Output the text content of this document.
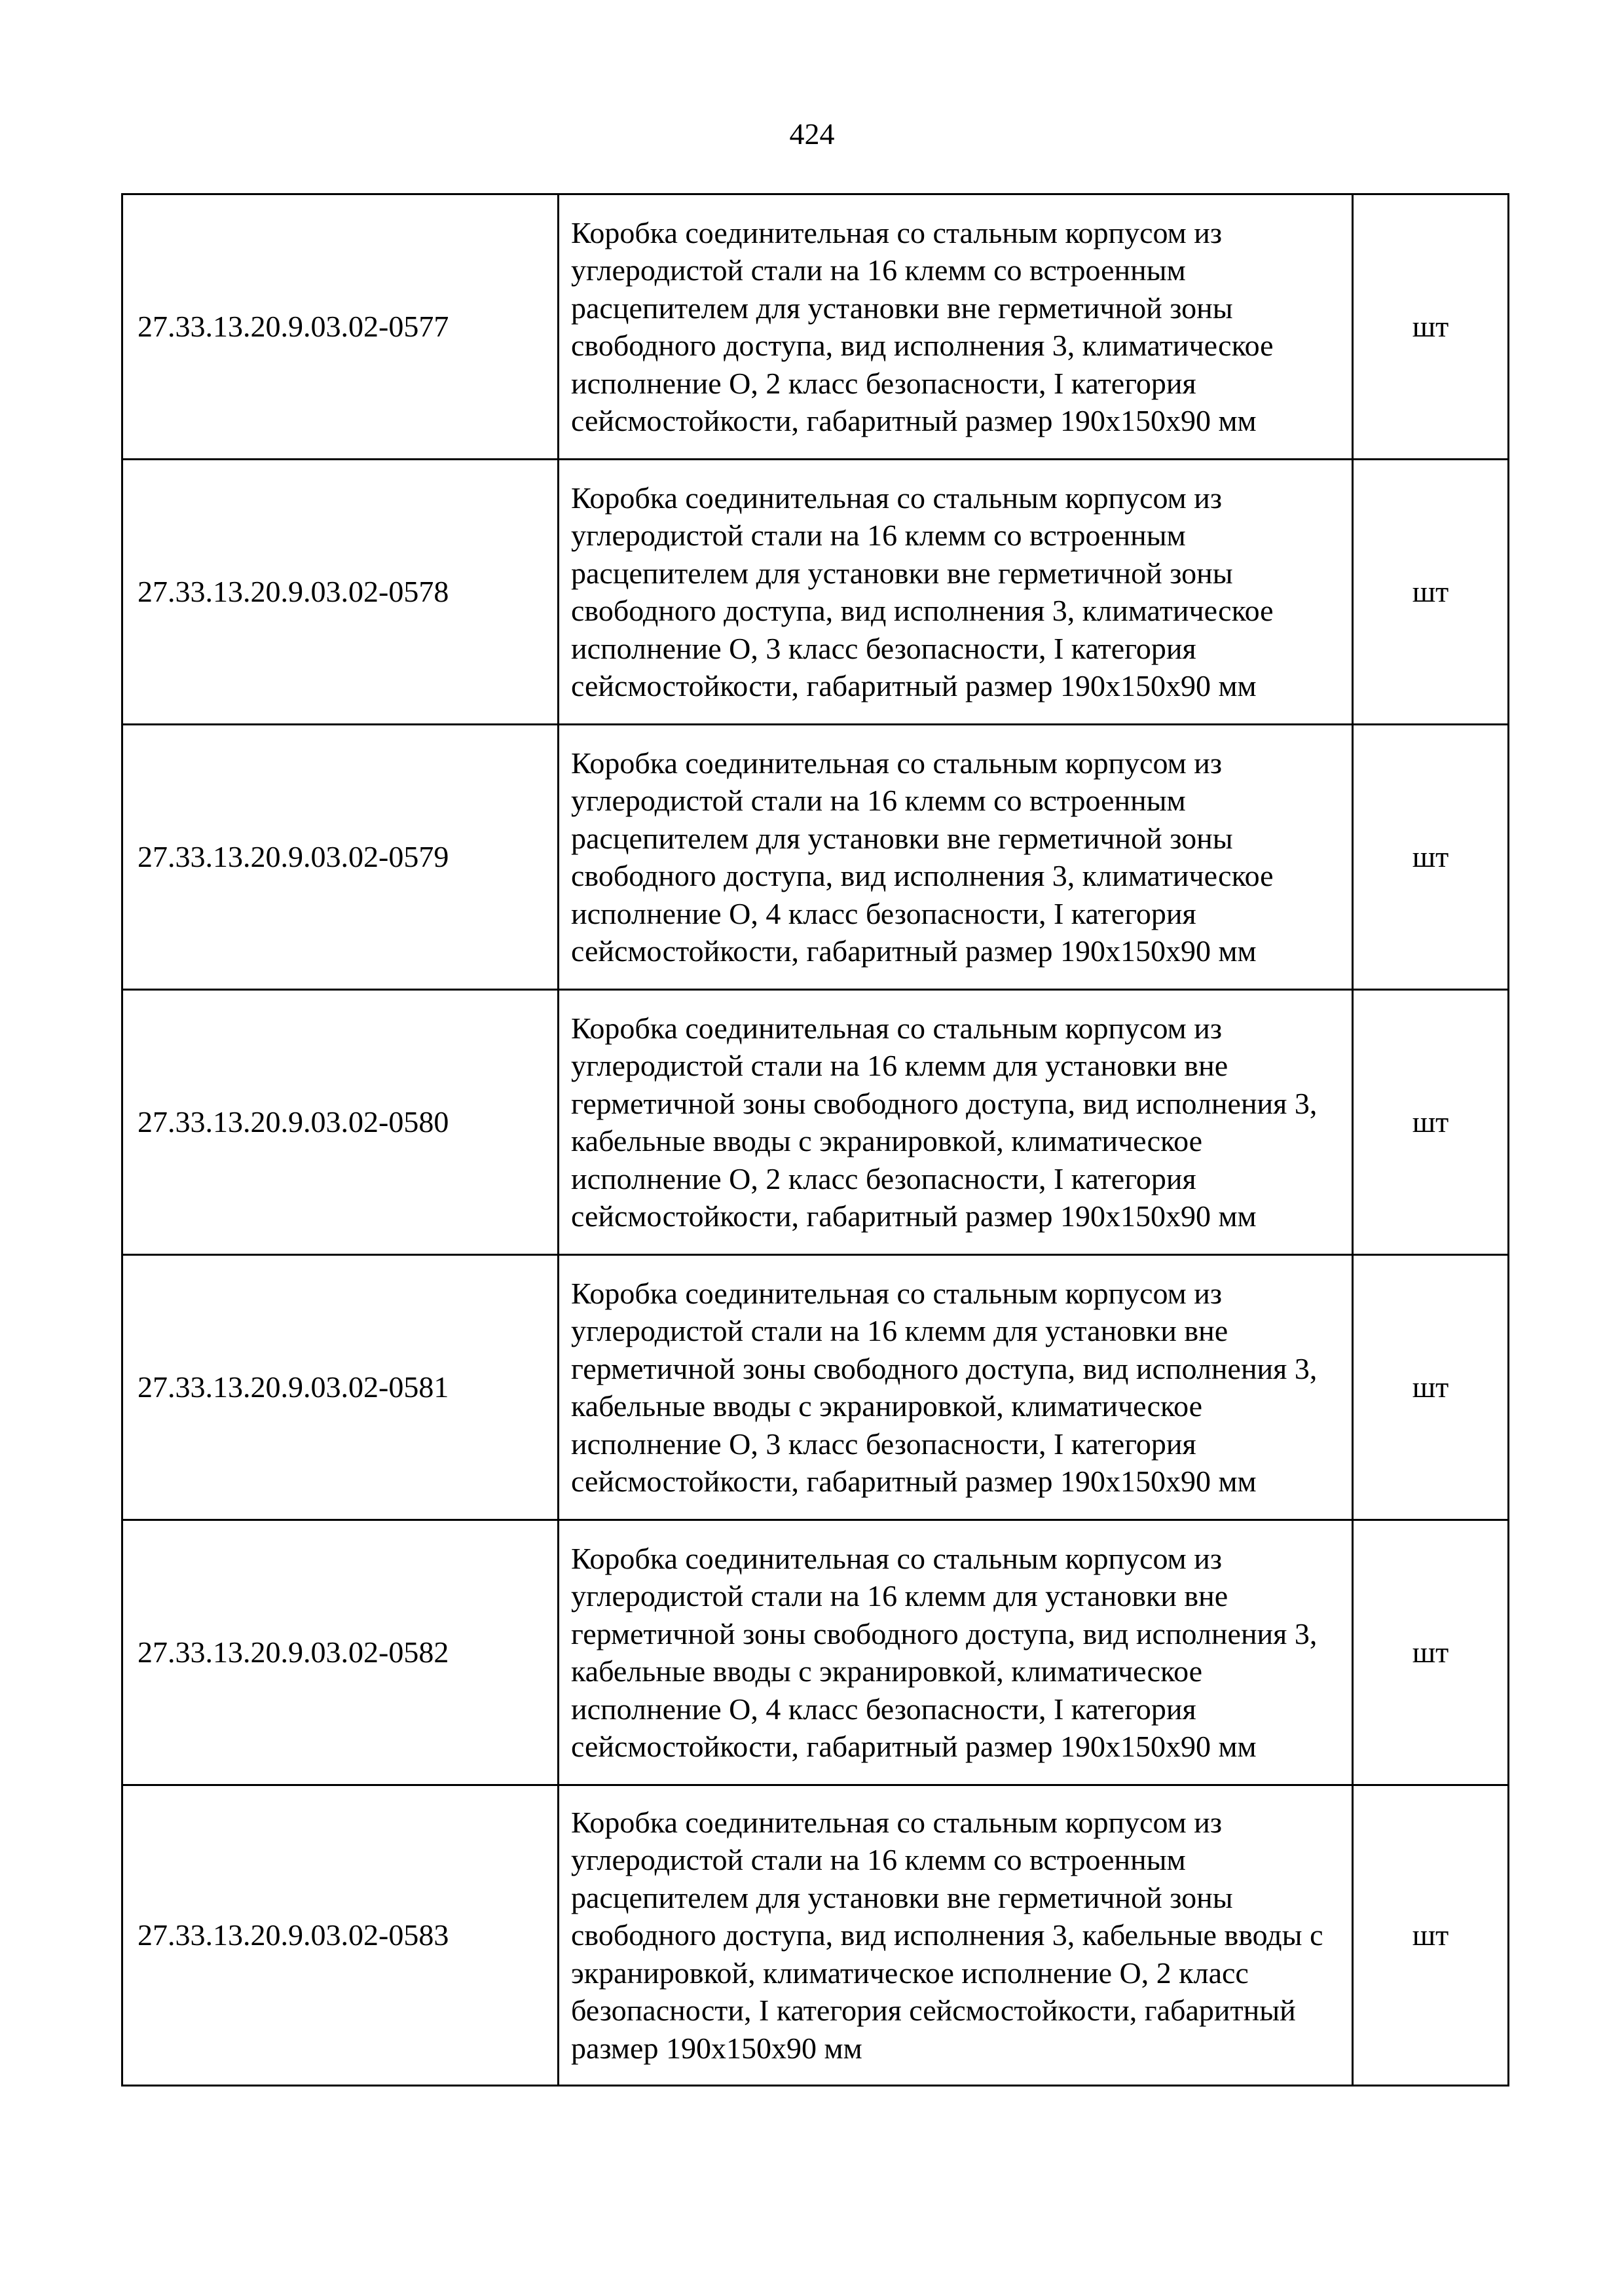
424
27.33.13.20.9.03.02-0577	Коробка соединительная со стальным корпусом из углеродистой стали на 16 клемм со встроенным расцепителем для установки вне герметичной зоны свободного доступа, вид исполнения 3, климатическое исполнение О, 2 класс безопасности, I категория сейсмостойкости, габаритный размер 190х150х90 мм	шт
27.33.13.20.9.03.02-0578	Коробка соединительная со стальным корпусом из углеродистой стали на 16 клемм со встроенным расцепителем для установки вне герметичной зоны свободного доступа, вид исполнения 3, климатическое исполнение О, 3 класс безопасности, I категория сейсмостойкости, габаритный размер 190х150х90 мм	шт
27.33.13.20.9.03.02-0579	Коробка соединительная со стальным корпусом из углеродистой стали на 16 клемм со встроенным расцепителем для установки вне герметичной зоны свободного доступа, вид исполнения 3, климатическое исполнение О, 4 класс безопасности, I категория сейсмостойкости, габаритный размер 190х150х90 мм	шт
27.33.13.20.9.03.02-0580	Коробка соединительная со стальным корпусом из углеродистой стали на 16 клемм для установки вне герметичной зоны свободного доступа, вид исполнения 3, кабельные вводы с экранировкой, климатическое исполнение О, 2 класс безопасности, I категория сейсмостойкости, габаритный размер 190х150х90 мм	шт
27.33.13.20.9.03.02-0581	Коробка соединительная со стальным корпусом из углеродистой стали на 16 клемм для установки вне герметичной зоны свободного доступа, вид исполнения 3, кабельные вводы с экранировкой, климатическое исполнение О, 3 класс безопасности, I категория сейсмостойкости, габаритный размер 190х150х90 мм	шт
27.33.13.20.9.03.02-0582	Коробка соединительная со стальным корпусом из углеродистой стали на 16 клемм для установки вне герметичной зоны свободного доступа, вид исполнения 3, кабельные вводы с экранировкой, климатическое исполнение О, 4 класс безопасности, I категория сейсмостойкости, габаритный размер 190х150х90 мм	шт
27.33.13.20.9.03.02-0583	Коробка соединительная со стальным корпусом из углеродистой стали на 16 клемм со встроенным расцепителем для установки вне герметичной зоны свободного доступа, вид исполнения 3, кабельные вводы с экранировкой, климатическое исполнение О, 2 класс безопасности, I категория сейсмостойкости, габаритный размер 190х150х90 мм	шт
